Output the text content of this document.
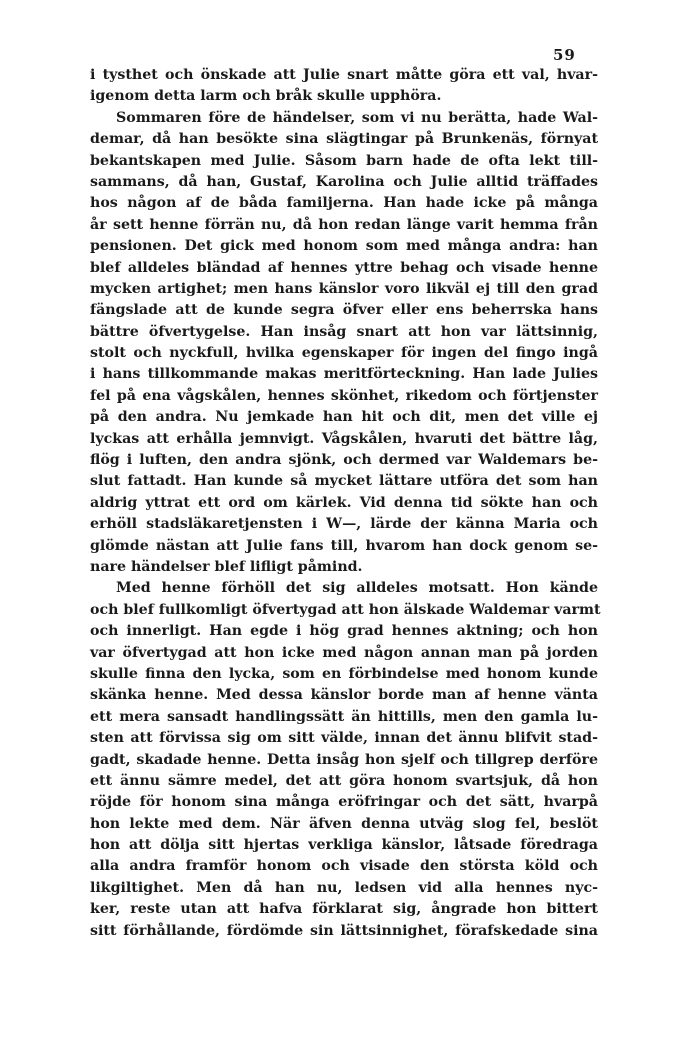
59
i tysthet och önskade att Julie snart måtte göra ett val, hvar-
igenom detta larm och bråk skulle upphöra.
Sommaren före de händelser, som vi nu berätta, hade Wal-
demar, då han besökte sina slägtingar på Brunkenäs, förnyat
bekantskapen med Julie. Såsom barn hade de ofta lekt till-
sammans, då han, Gustaf, Karolina och Julie alltid träffades
hos någon af de båda familjerna. Han hade icke på många
år sett henne förrän nu, då hon redan länge varit hemma från
pensionen. Det gick med honom som med många andra: han
blef alldeles bländad af hennes yttre behag och visade henne
mycken artighet; men hans känslor voro likväl ej till den grad
fängslade att de kunde segra öfver eller ens beherrska hans
bättre öfvertygelse. Han insåg snart att hon var lättsinnig,
stolt och nyckfull, hvilka egenskaper för ingen del fingo ingå
i hans tillkommande makas meritförteckning. Han lade Julies
fel på ena vågskålen, hennes skönhet, rikedom och förtjenster
på den andra. Nu jemkade han hit och dit, men det ville ej
lyckas att erhålla jemnvigt. Vågskålen, hvaruti det bättre låg,
flög i luften, den andra sjönk, och dermed var Waldemars be-
slut fattadt. Han kunde så mycket lättare utföra det som han
aldrig yttrat ett ord om kärlek. Vid denna tid sökte han och
erhöll stadsläkaretjensten i W—, lärde der känna Maria och
glömde nästan att Julie fans till, hvarom han dock genom se-
nare händelser blef lifligt påmind.
Med henne förhöll det sig alldeles motsatt. Hon kände
och blef fullkomligt öfvertygad att hon älskade Waldemar varmt
och innerligt. Han egde i hög grad hennes aktning; och hon
var öfvertygad att hon icke med någon annan man på jorden
skulle finna den lycka, som en förbindelse med honom kunde
skänka henne. Med dessa känslor borde man af henne vänta
ett mera sansadt handlingssätt än hittills, men den gamla lu-
sten att förvissa sig om sitt välde, innan det ännu blifvit stad-
gadt, skadade henne. Detta insåg hon sjelf och tillgrep derföre
ett ännu sämre medel, det att göra honom svartsjuk, då hon
röjde för honom sina många eröfringar och det sätt, hvarpå
hon lekte med dem. När äfven denna utväg slog fel, beslöt
hon att dölja sitt hjertas verkliga känslor, låtsade föredraga
alla andra framför honom och visade den största köld och
likgiltighet. Men då han nu, ledsen vid alla hennes nyc-
ker, reste utan att hafva förklarat sig, ångrade hon bittert
sitt förhållande, fördömde sin lättsinnighet, förafskedade sina
